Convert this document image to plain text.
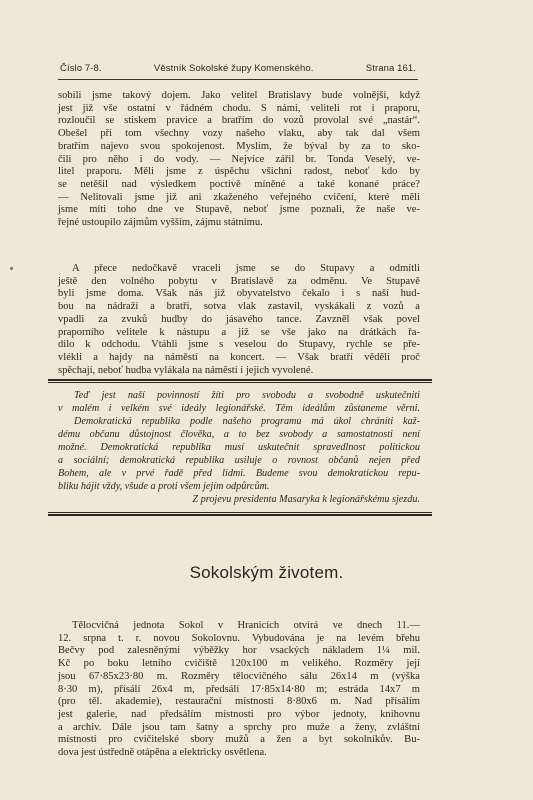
Číslo 7-8.	Věstník Sokolské župy Komenského.	Strana 161.
sobili jsme takový dojem. Jako velitel Bratislavy bude volnější, když
jest již vše ostatní v řádném chodu. S námi, veliteli rot i praporu,
rozloučil se stiskem pravice a bratřím do vozů provolal své „nastár“.
Obešel při tom všechny vozy našeho vlaku, aby tak dal všem
bratřím najevo svou spokojenost. Myslím, že býval by za to sko-
čili pro něho i do vody. — Nejvíce zářil br. Tonda Veselý, ve-
litel praporu. Měli jsme z úspěchu všichni radost, neboť kdo by
se netěšil nad výsledkem poctivě míněné a také konané práce?
— Nelitovali jsme již ani zkaženého veřejného cvičení, které měli
jsme míti toho dne ve Stupavě, neboť jsme poznali, že naše ve-
řejné ustoupilo zájmům vyšším, zájmu státnímu.
A přece nedočkavě vraceli jsme se do Stupavy a odmítli
ještě den volného pobytu v Bratislavě za odměnu. Ve Stupavě
byli jsme doma. Však nás již obyvatelstvo čekalo i s naší hud-
bou na nádraží a bratří, sotva vlak zastavil, vyskákali z vozů a
vpadli za zvuků hudby do jásavého tance. Zavzněl však povel
praporního velitele k nástupu a již se vše jako na drátkách řa-
dilo k odchodu. Vtáhli jsme s veselou do Stupavy, rychle se pře-
vlékli a hajdy na náměstí na koncert. — Však bratří věděli proč
spěchají, neboť hudba vylákala na náměstí i jejich vyvolené.
Teď jest naší povinností žíti pro svobodu a svobodně uskutečniti
v malém i velkém své ideály legionářské. Těm ideálům zůstaneme věrni.
Demokratická republika podle našeho programu má úkol chrániti kaž-
dému občanu důstojnost člověka, a to bez svobody a samostatnosti není
možné. Demokratická republika musí uskutečnit spravedlnost politickou
a sociální; demokratická republika usiluje o rovnost občanů nejen před
Bohem, ale v prvé řadě před lidmi. Budeme svou demokratickou repu-
bliku hájit vždy, všude a proti všem jejím odpůrcům.
Z projevu presidenta Masaryka k legionářskému sjezdu.
Sokolským životem.
Tělocvičná jednota Sokol v Hranicích otvírá ve dnech 11.—
12. srpna t. r. novou Sokolovnu. Vybudována je na levém břehu
Bečvy pod zalesněnými výběžky hor vsackých nákladem 1¼ mil.
Kč po boku letního cvičiště 120x100 m velikého. Rozměry její
jsou 67·85x23·80 m. Rozměry tělocvičného sálu 26x14 m (výška
8·30 m), přísálí 26x4 m, předsálí 17·85x14·80 m; estráda 14x7 m
(pro těl. akademie), restaurační místnosti 8·80x6 m. Nad přísálím
jest galerie, nad předsálím místnosti pro výbor jednoty, knihovnu
a archiv. Dále jsou tam šatny a sprchy pro muže a ženy, zvláštní
místnosti pro cvičitelské sbory mužů a žen a byt sokolníkův. Bu-
dova jest ústředně otápěna a elektricky osvětlena.
